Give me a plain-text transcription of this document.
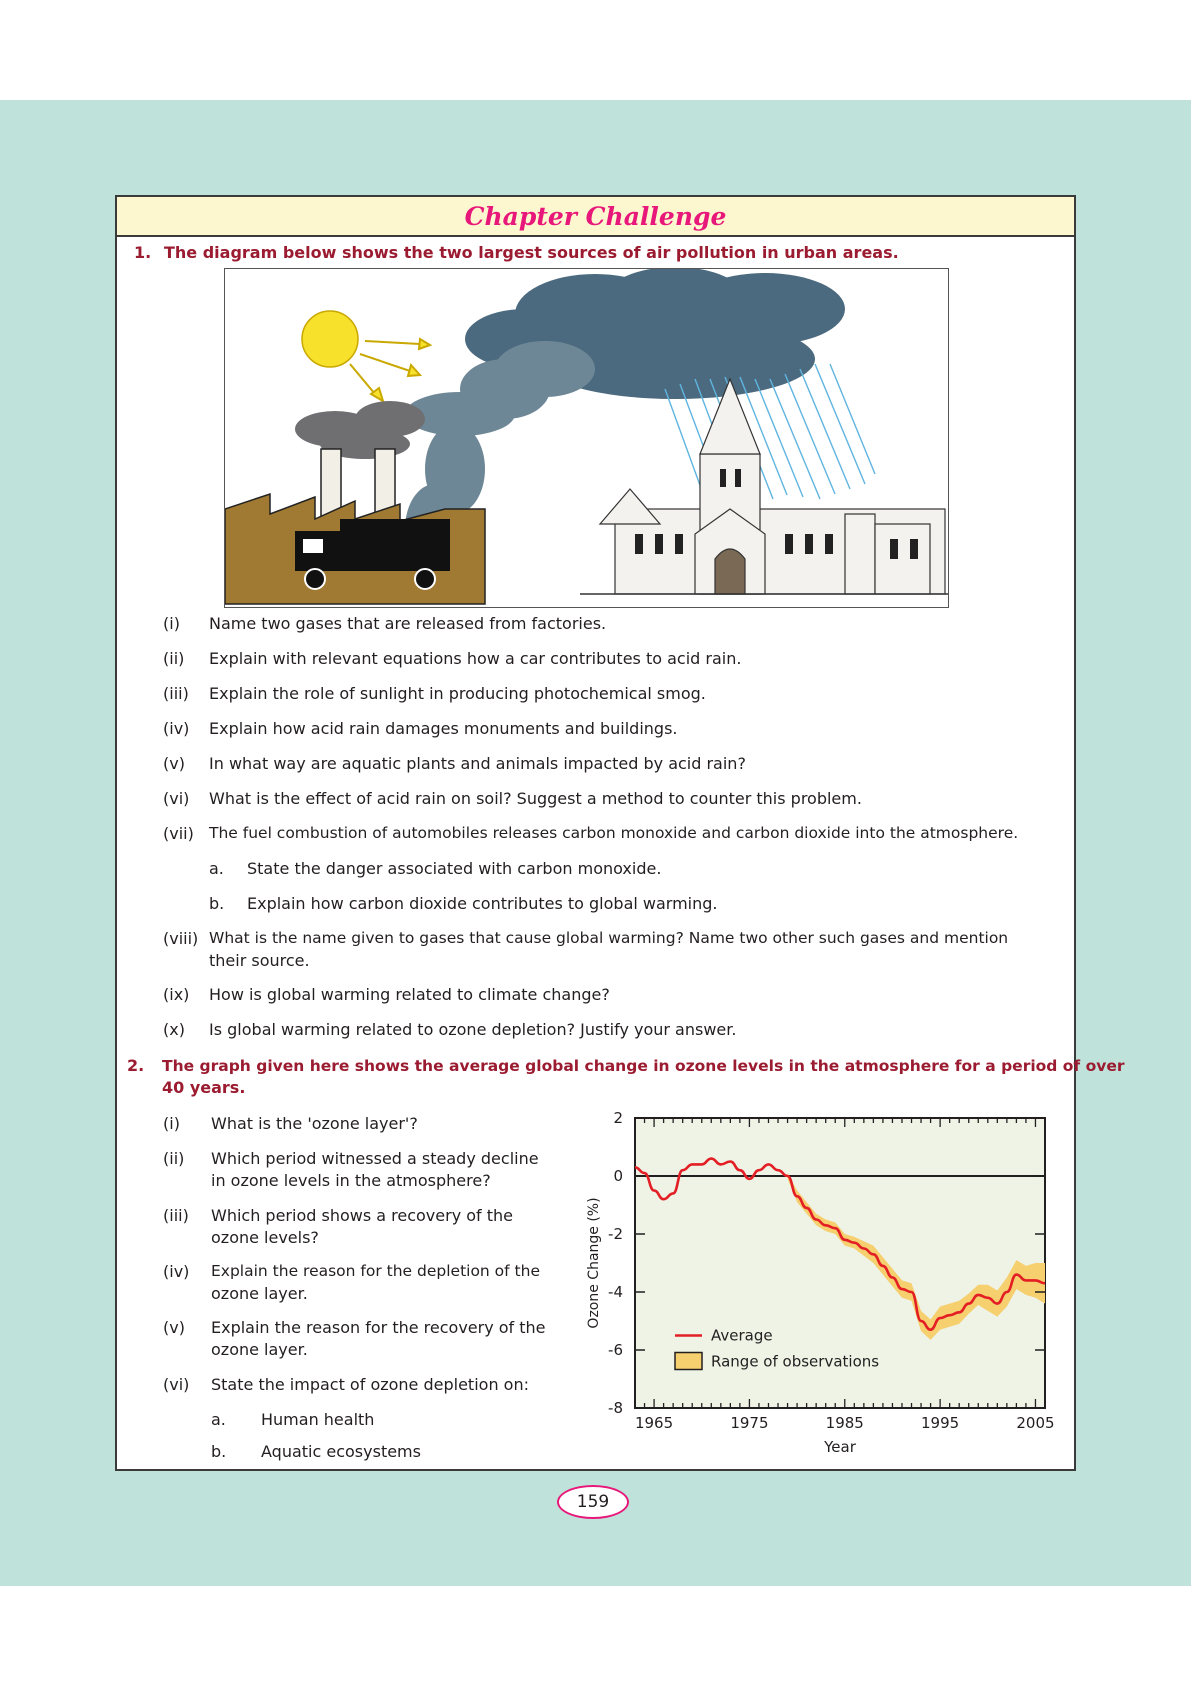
Chapter Challenge
1. The diagram below shows the two largest sources of air pollution in urban areas.
(i) Name two gases that are released from factories.
(ii) Explain with relevant equations how a car contributes to acid rain.
(iii) Explain the role of sunlight in producing photochemical smog.
(iv) Explain how acid rain damages monuments and buildings.
(v) In what way are aquatic plants and animals impacted by acid rain?
(vi) What is the effect of acid rain on soil? Suggest a method to counter this problem.
(vii) The fuel combustion of automobiles releases carbon monoxide and carbon dioxide into the atmosphere.
a. State the danger associated with carbon monoxide.
b. Explain how carbon dioxide contributes to global warming.
(viii) What is the name given to gases that cause global warming? Name two other such gases and mention
their source.
(ix) How is global warming related to climate change?
(x) Is global warming related to ozone depletion? Justify your answer.
2. The graph given here shows the average global change in ozone levels in the atmosphere for a period of over
40 years.
(i) What is the 'ozone layer'?
(ii) Which period witnessed a steady decline
in ozone levels in the atmosphere?
(iii) Which period shows a recovery of the
ozone levels?
(iv) Explain the reason for the depletion of the
ozone layer.
(v) Explain the reason for the recovery of the
ozone layer.
(vi) State the impact of ozone depletion on:
a. Human health
b. Aquatic ecosystems
2
0
-2
-4
-6
-8
1965	1975	1985	1995	2005
Year
Ozone Change (%)
Average
Range of observations
159
